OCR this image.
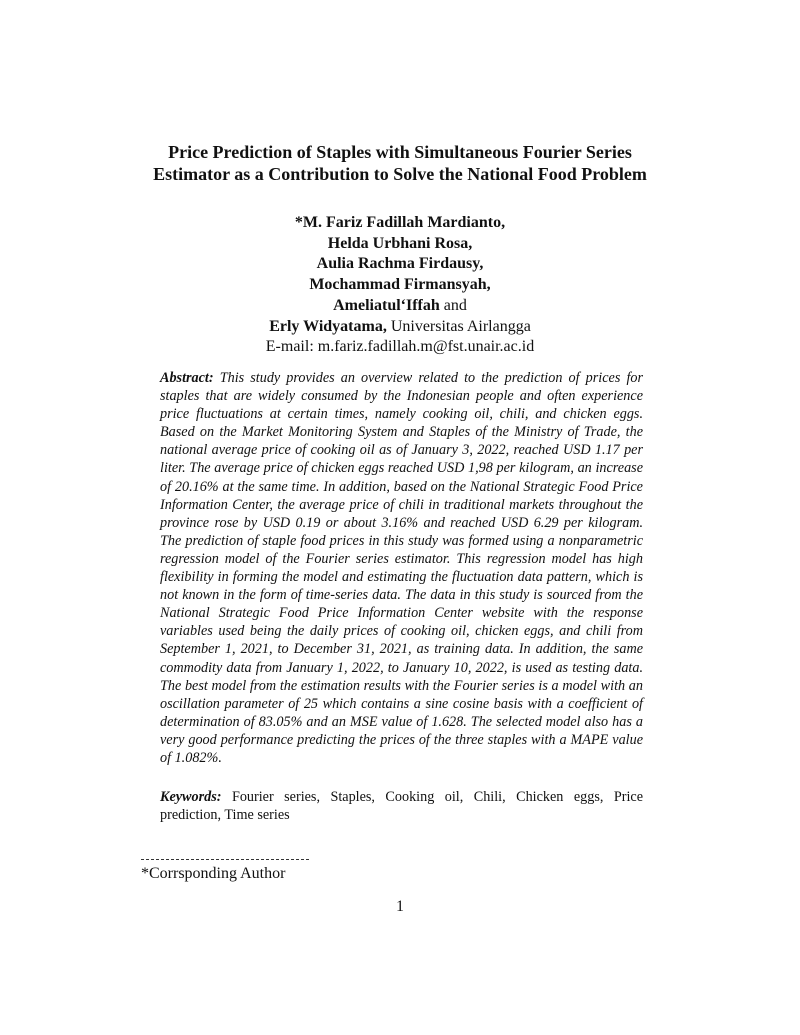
Price Prediction of Staples with Simultaneous Fourier Series
Estimator as a Contribution to Solve the National Food Problem
*M. Fariz Fadillah Mardianto,
Helda Urbhani Rosa,
Aulia Rachma Firdausy,
Mochammad Firmansyah,
Ameliatul‘Iffah and
Erly Widyatama, Universitas Airlangga
E-mail: m.fariz.fadillah.m@fst.unair.ac.id

Abstract: This study provides an overview related to the prediction of prices for staples that are widely consumed by the Indonesian people and often experience price fluctuations at certain times, namely cooking oil, chili, and chicken eggs. Based on the Market Monitoring System and Staples of the Ministry of Trade, the national average price of cooking oil as of January 3, 2022, reached USD 1.17 per liter. The average price of chicken eggs reached USD 1,98 per kilogram, an increase of 20.16% at the same time. In addition, based on the National Strategic Food Price Information Center, the average price of chili in traditional markets throughout the province rose by USD 0.19 or about 3.16% and reached USD 6.29 per kilogram. The prediction of staple food prices in this study was formed using a nonparametric regression model of the Fourier series estimator. This regression model has high flexibility in forming the model and estimating the fluctuation data pattern, which is not known in the form of time-series data. The data in this study is sourced from the National Strategic Food Price Information Center website with the response variables used being the daily prices of cooking oil, chicken eggs, and chili from September 1, 2021, to December 31, 2021, as training data. In addition, the same commodity data from January 1, 2022, to January 10, 2022, is used as testing data. The best model from the estimation results with the Fourier series is a model with an oscillation parameter of 25 which contains a sine cosine basis with a coefficient of determination of 83.05% and an MSE value of 1.628. The selected model also has a very good performance predicting the prices of the three staples with a MAPE value of 1.082%.

Keywords: Fourier series, Staples, Cooking oil, Chili, Chicken eggs, Price prediction, Time series

*Corrsponding Author
1
